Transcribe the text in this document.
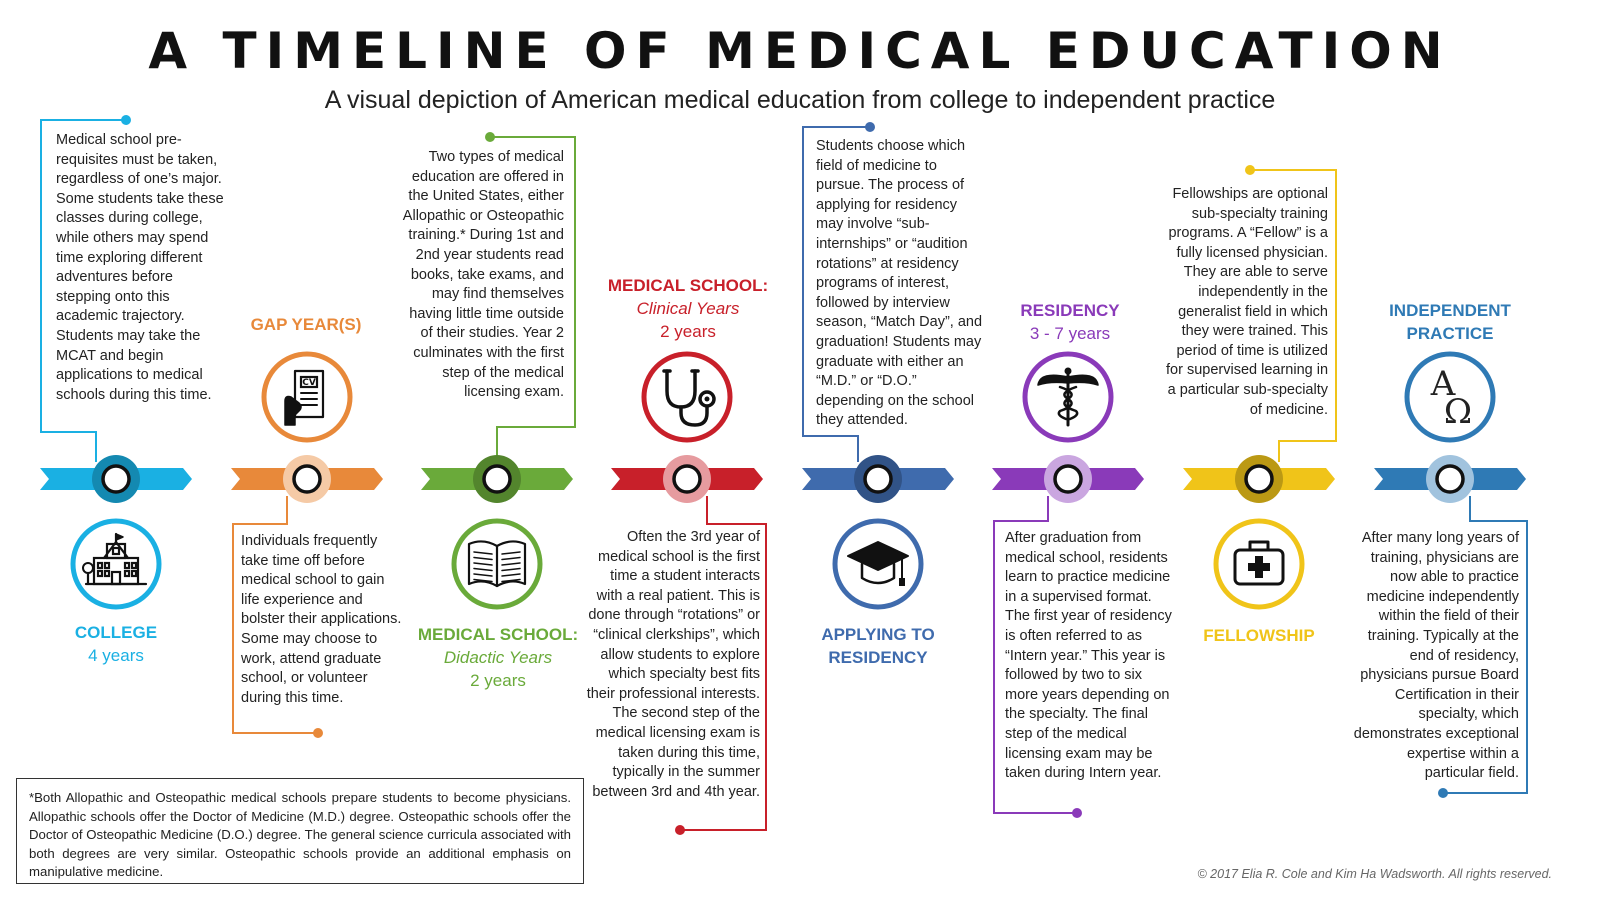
A TIMELINE OF MEDICAL EDUCATION
A visual depiction of American medical education from college to independent practice
CV	Α
Ω
Medical school pre-requisites must be taken, regardless of one’s major. Some students take these classes during college, while others may spend time exploring different adventures before stepping onto this academic trajectory. Students may take the MCAT and begin applications to medical schools during this time.
Individuals frequently take time off before medical school to gain life experience and bolster their applications. Some may choose to work, attend graduate school, or volunteer during this time.
Two types of medical education are offered in the United States, either Allopathic or Osteopathic training.* During 1st and 2nd year students read books, take exams, and may find themselves having little time outside of their studies. Year 2 culminates with the first step of the medical licensing exam.
Often the 3rd year of medical school is the first time a student interacts with a real patient. This is done through “rotations” or “clinical clerkships”, which allow students to explore which specialty best fits their professional interests. The second step of the medical licensing exam is taken during this time, typically in the summer between 3rd and 4th year.
Students choose which field of medicine to pursue. The process of applying for residency may involve “sub-internships” or “audition rotations” at residency programs of interest, followed by interview season, “Match Day”, and graduation! Students may graduate with either an “M.D.” or “D.O.” depending on the school they attended.
After graduation from medical school, residents learn to practice medicine in a supervised format. The first year of residency is often referred to as “Intern year.” This year is followed by two to six more years depending on the specialty. The final step of the medical licensing exam may be taken during Intern year.
Fellowships are optional sub-specialty training programs. A “Fellow” is a fully licensed physician. They are able to serve independently in the generalist field in which they were trained. This period of time is utilized for supervised learning in a particular sub-specialty of medicine.
After many long years of training, physicians are now able to practice medicine independently within the field of their training. Typically at the end of residency, physicians pursue Board Certification in their specialty, which demonstrates exceptional expertise within a particular field.
COLLEGE
4 years
GAP YEAR(S)
MEDICAL SCHOOL:
Didactic Years
2 years
MEDICAL SCHOOL:
Clinical Years
2 years
APPLYING TO
RESIDENCY
RESIDENCY
3 - 7 years
FELLOWSHIP
INDEPENDENT
PRACTICE
*Both Allopathic and Osteopathic medical schools prepare students to become physicians. Allopathic schools offer the Doctor of Medicine (M.D.) degree. Osteopathic schools offer the Doctor of Osteopathic Medicine (D.O.) degree. The general science curricula associated with both degrees are very similar. Osteopathic schools provide an additional emphasis on manipulative medicine.	© 2017 Elia R. Cole and Kim Ha Wadsworth. All rights reserved.
